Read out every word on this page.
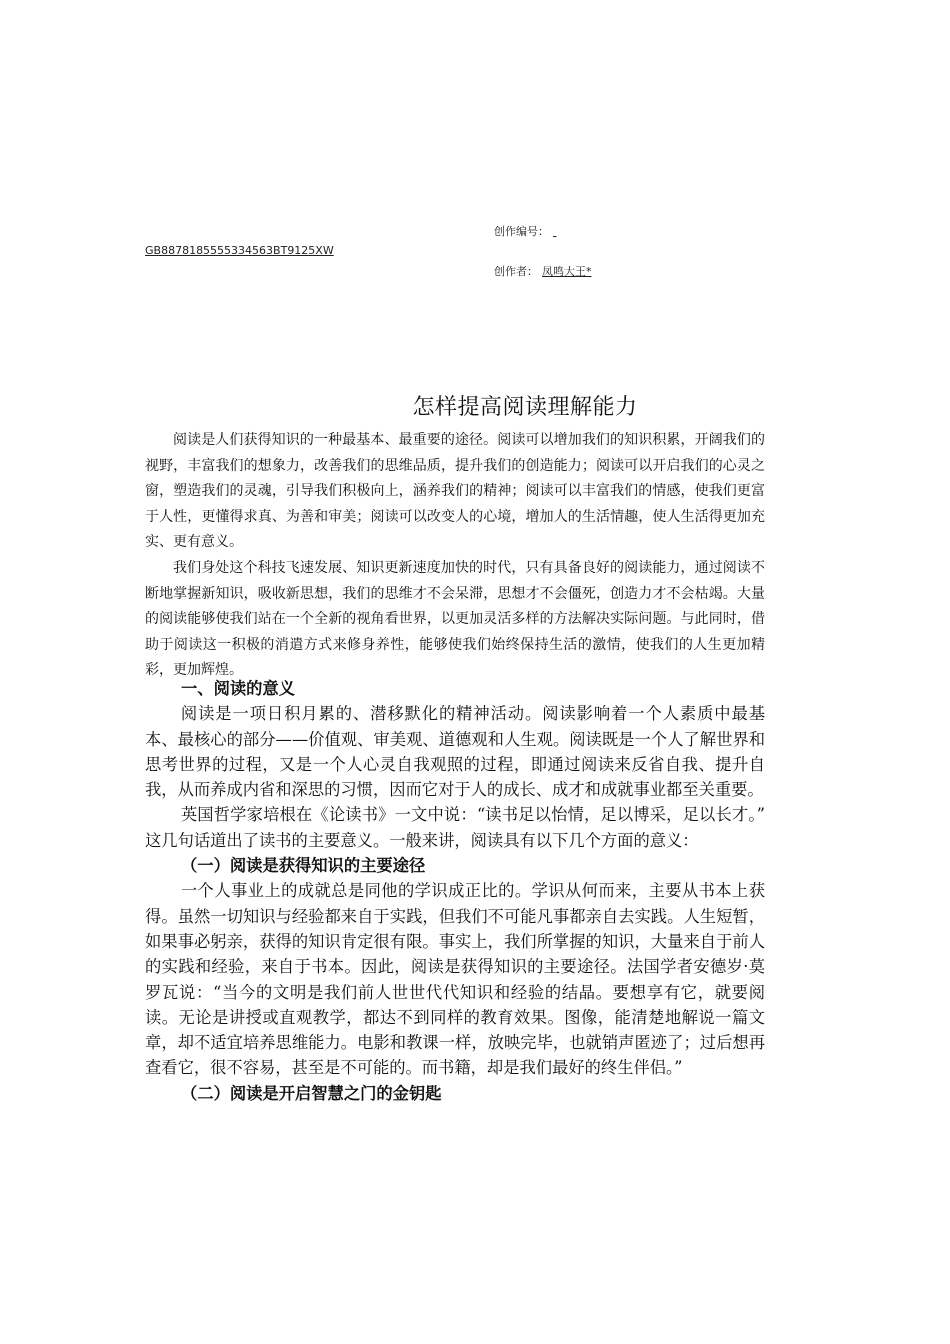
创作编号：
GB8878185555334563BT9125XW
创作者： 凤鸣大王*
怎样提高阅读理解能力

阅读是人们获得知识的一种最基本、最重要的途径。阅读可以增加我们的知识积累，开阔我们的视野，丰富我们的想象力，改善我们的思维品质，提升我们的创造能力；阅读可以开启我们的心灵之窗，塑造我们的灵魂，引导我们积极向上，涵养我们的精神；阅读可以丰富我们的情感，使我们更富于人性，更懂得求真、为善和审美；阅读可以改变人的心境，增加人的生活情趣，使人生活得更加充实、更有意义。

我们身处这个科技飞速发展、知识更新速度加快的时代，只有具备良好的阅读能力，通过阅读不断地掌握新知识，吸收新思想，我们的思维才不会呆滞，思想才不会僵死，创造力才不会枯竭。大量的阅读能够使我们站在一个全新的视角看世界，以更加灵活多样的方法解决实际问题。与此同时，借助于阅读这一积极的消遣方式来修身养性，能够使我们始终保持生活的激情，使我们的人生更加精彩，更加辉煌。

一、阅读的意义

阅读是一项日积月累的、潜移默化的精神活动。阅读影响着一个人素质中最基本、最核心的部分——价值观、审美观、道德观和人生观。阅读既是一个人了解世界和思考世界的过程，又是一个人心灵自我观照的过程，即通过阅读来反省自我、提升自我，从而养成内省和深思的习惯，因而它对于人的成长、成才和成就事业都至关重要。

英国哲学家培根在《论读书》一文中说：“读书足以怡情，足以博采，足以长才。” 这几句话道出了读书的主要意义。一般来讲，阅读具有以下几个方面的意义：

（一）阅读是获得知识的主要途径

一个人事业上的成就总是同他的学识成正比的。学识从何而来，主要从书本上获得。虽然一切知识与经验都来自于实践，但我们不可能凡事都亲自去实践。人生短暂，如果事必躬亲，获得的知识肯定很有限。事实上，我们所掌握的知识，大量来自于前人的实践和经验，来自于书本。因此，阅读是获得知识的主要途径。法国学者安德岁·莫罗瓦说：“当今的文明是我们前人世世代代知识和经验的结晶。要想享有它，就要阅读。无论是讲授或直观教学，都达不到同样的教育效果。图像，能清楚地解说一篇文章，却不适宜培养思维能力。电影和教课一样，放映完毕，也就销声匿迹了；过后想再查看它，很不容易，甚至是不可能的。而书籍，却是我们最好的终生伴侣。”

（二）阅读是开启智慧之门的金钥匙
